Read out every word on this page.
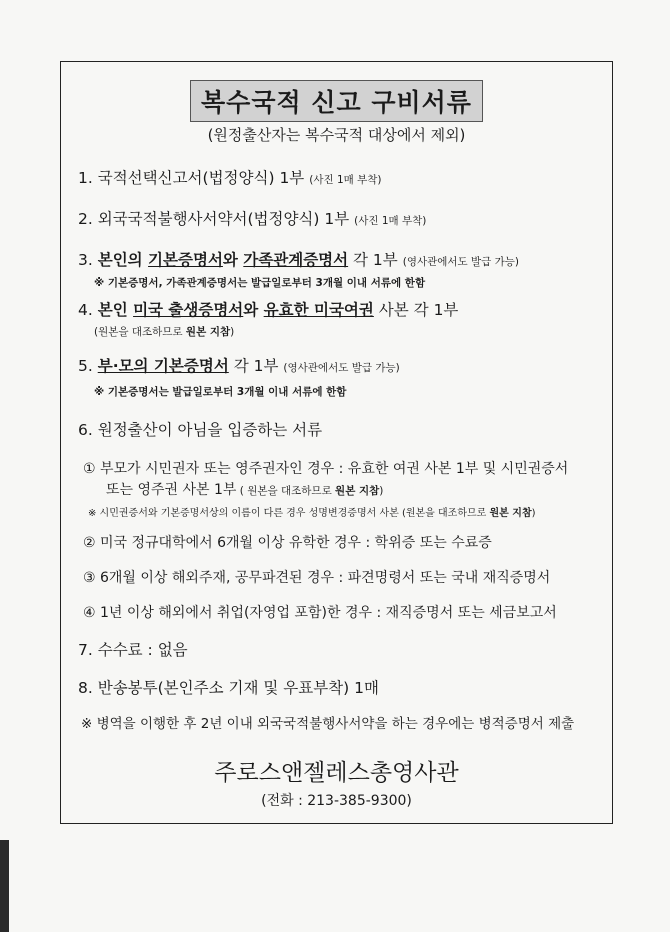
복수국적 신고 구비서류
(원정출산자는 복수국적 대상에서 제외)
1. 국적선택신고서(법정양식) 1부 (사진 1매 부착)
2. 외국국적불행사서약서(법정양식) 1부 (사진 1매 부착)
3. 본인의 기본증명서와 가족관계증명서 각 1부 (영사관에서도 발급 가능)
※ 기본증명서, 가족관계증명서는 발급일로부터 3개월 이내 서류에 한함
4. 본인 미국 출생증명서와 유효한 미국여권 사본 각 1부
(원본을 대조하므로 원본 지참)
5. 부·모의 기본증명서 각 1부 (영사관에서도 발급 가능)
※ 기본증명서는 발급일로부터 3개월 이내 서류에 한함
6. 원정출산이 아님을 입증하는 서류
① 부모가 시민권자 또는 영주권자인 경우 : 유효한 여권 사본 1부 및 시민권증서
또는 영주권 사본 1부 ( 원본을 대조하므로 원본 지참)
※ 시민권증서와 기본증명서상의 이름이 다른 경우 성명변경증명서 사본 (원본을 대조하므로 원본 지참)
② 미국 정규대학에서 6개월 이상 유학한 경우 : 학위증 또는 수료증
③ 6개월 이상 해외주재, 공무파견된 경우 : 파견명령서 또는 국내 재직증명서
④ 1년 이상 해외에서 취업(자영업 포함)한 경우 : 재직증명서 또는 세금보고서
7. 수수료 : 없음
8. 반송봉투(본인주소 기재 및 우표부착) 1매
※ 병역을 이행한 후 2년 이내 외국국적불행사서약을 하는 경우에는 병적증명서 제출
주로스앤젤레스총영사관
(전화 : 213-385-9300)
